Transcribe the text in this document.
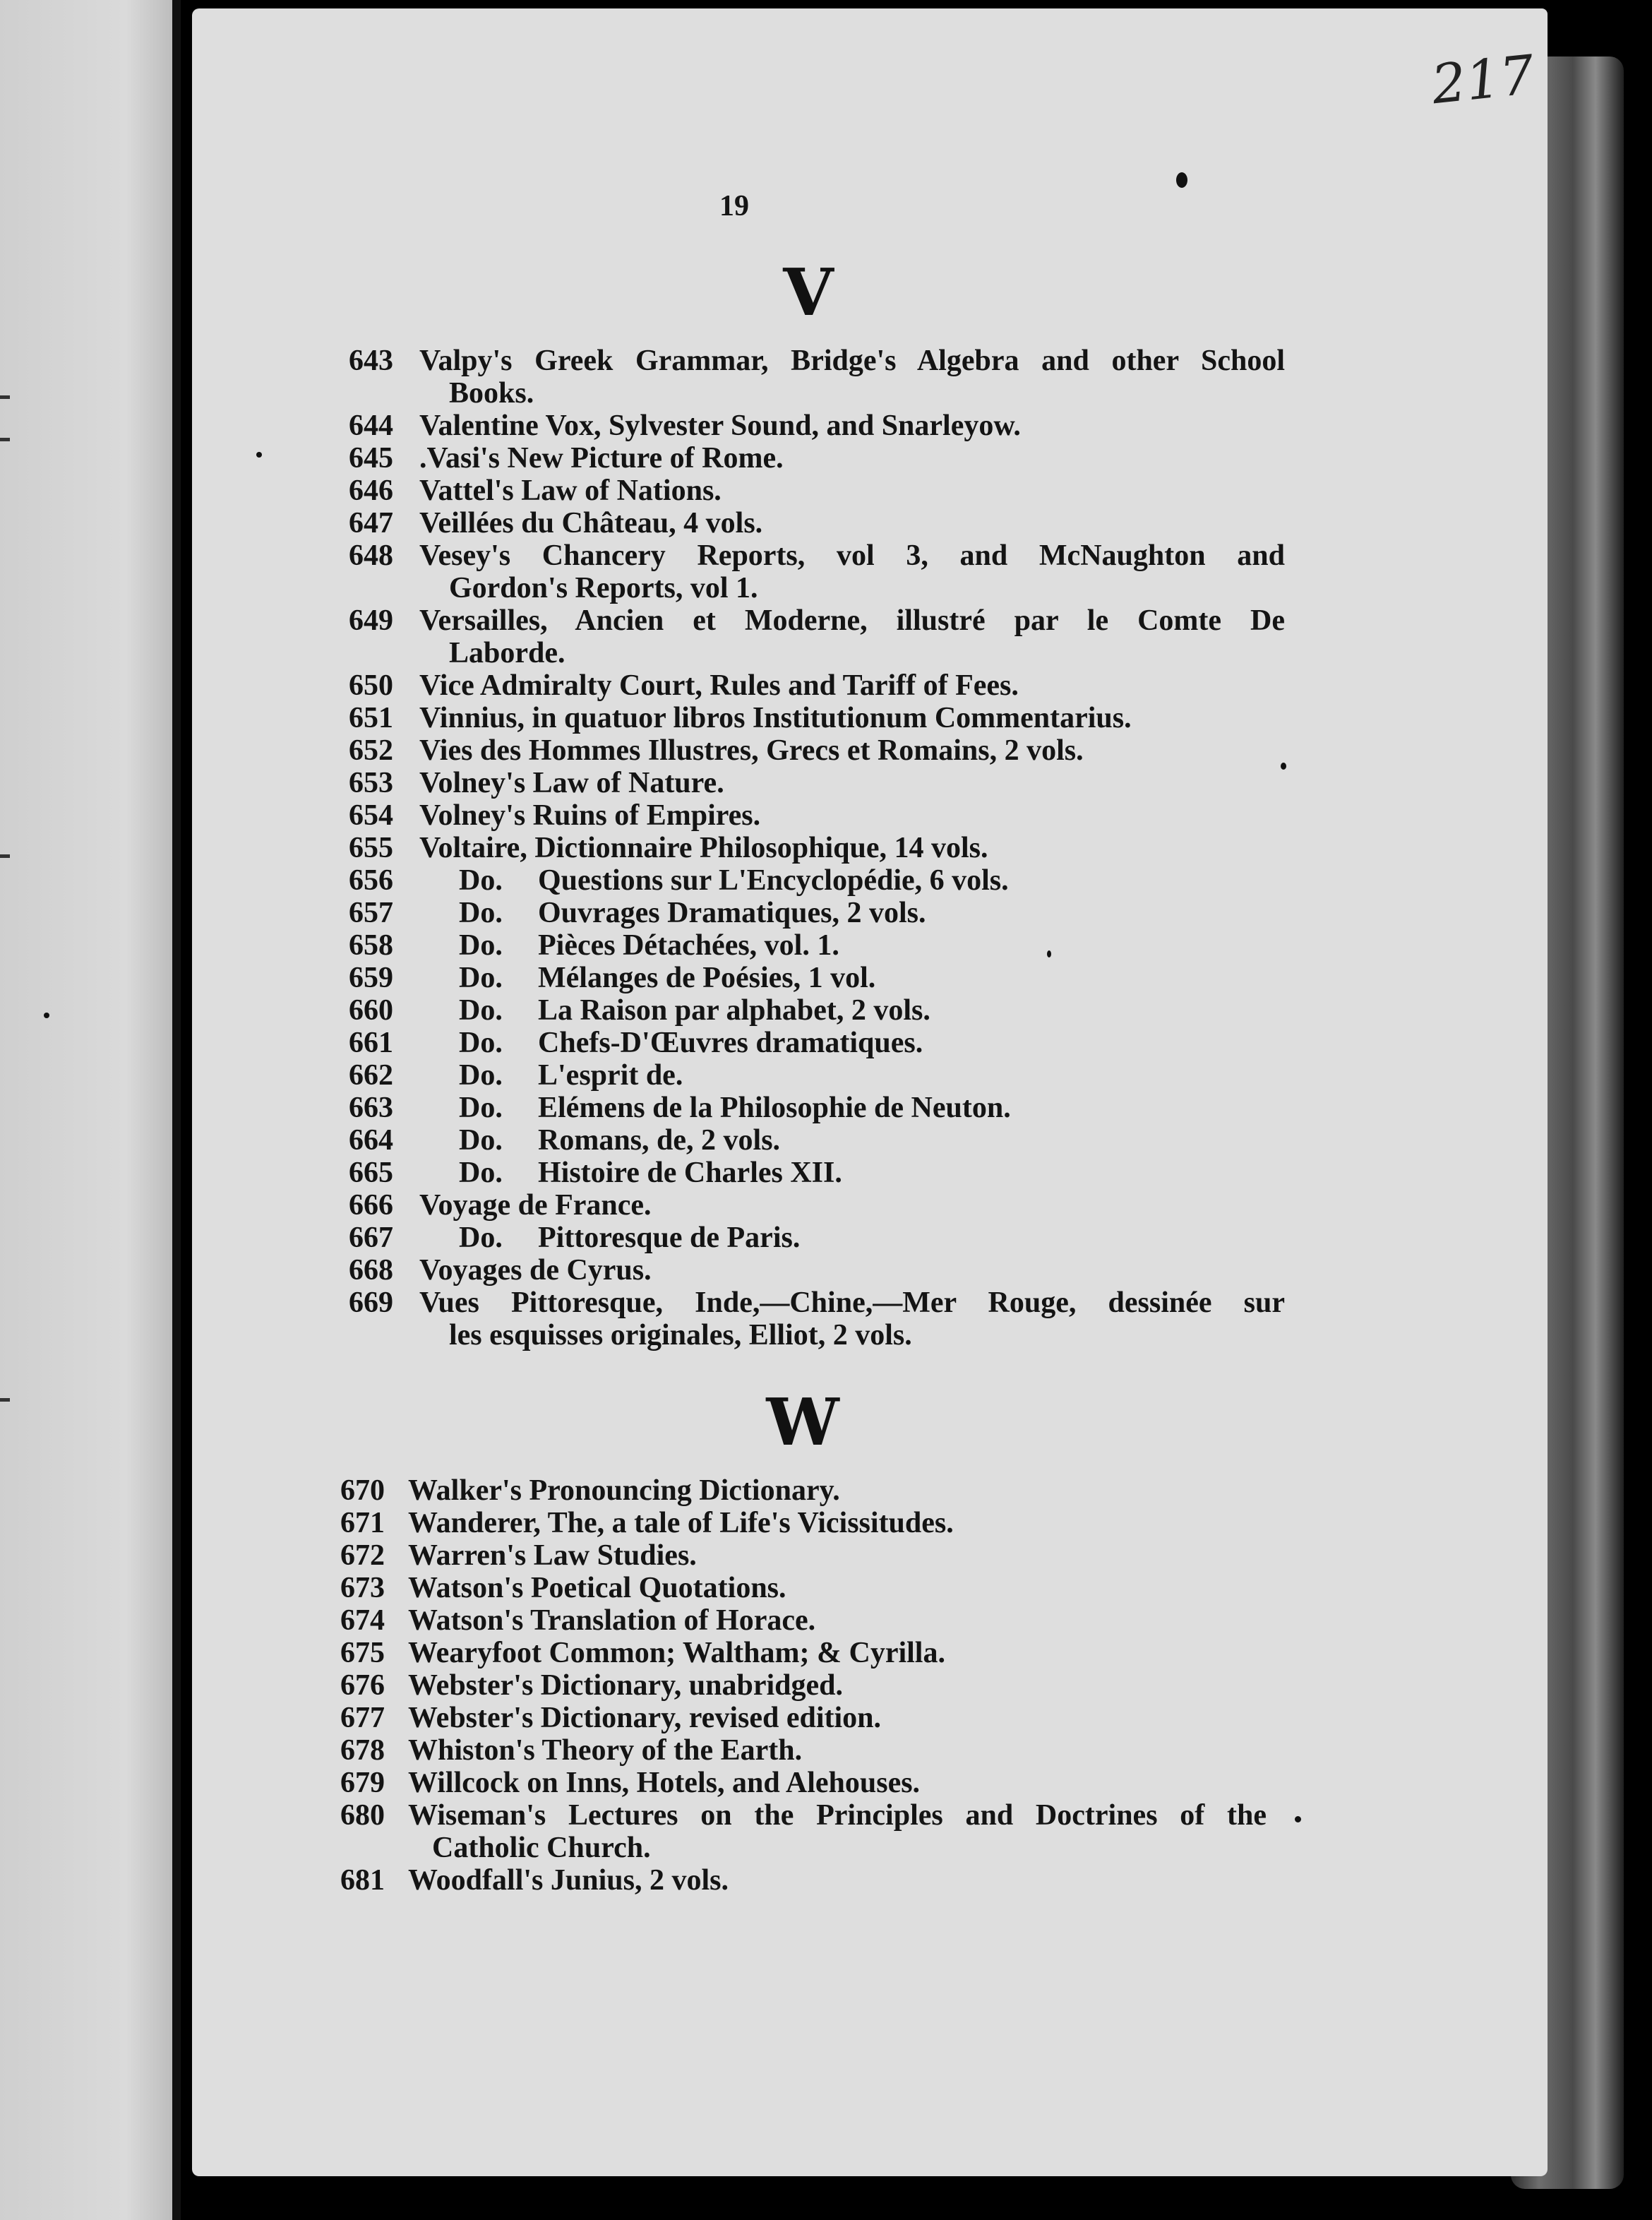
217
19
V
W
643 Valpy's Greek Grammar, Bridge's Algebra and other School
Books.
644 Valentine Vox, Sylvester Sound, and Snarleyow.
645 .Vasi's New Picture of Rome.
646 Vattel's Law of Nations.
647 Veillées du Château, 4 vols.
648 Vesey's Chancery Reports, vol 3, and McNaughton and
Gordon's Reports, vol 1.
649 Versailles, Ancien et Moderne, illustré par le Comte De
Laborde.
650 Vice Admiralty Court, Rules and Tariff of Fees.
651 Vinnius, in quatuor libros Institutionum Commentarius.
652 Vies des Hommes Illustres, Grecs et Romains, 2 vols.
653 Volney's Law of Nature.
654 Volney's Ruins of Empires.
655 Voltaire, Dictionnaire Philosophique, 14 vols.
656	Do. Questions sur L'Encyclopédie, 6 vols.
657	Do. Ouvrages Dramatiques, 2 vols.
658	Do. Pièces Détachées, vol. 1.
659	Do. Mélanges de Poésies, 1 vol.
660	Do. La Raison par alphabet, 2 vols.
661	Do. Chefs-D'Œuvres dramatiques.
662	Do. L'esprit de.
663	Do. Elémens de la Philosophie de Neuton.
664	Do. Romans, de, 2 vols.
665	Do. Histoire de Charles XII.
666 Voyage de France.
667	Do. Pittoresque de Paris.
668 Voyages de Cyrus.
669 Vues Pittoresque, Inde,—Chine,—Mer Rouge, dessinée sur
les esquisses originales, Elliot, 2 vols.
670 Walker's Pronouncing Dictionary.
671 Wanderer, The, a tale of Life's Vicissitudes.
672 Warren's Law Studies.
673 Watson's Poetical Quotations.
674 Watson's Translation of Horace.
675 Wearyfoot Common; Waltham; & Cyrilla.
676 Webster's Dictionary, unabridged.
677 Webster's Dictionary, revised edition.
678 Whiston's Theory of the Earth.
679 Willcock on Inns, Hotels, and Alehouses.
680 Wiseman's Lectures on the Principles and Doctrines of the
Catholic Church.
681 Woodfall's Junius, 2 vols.
